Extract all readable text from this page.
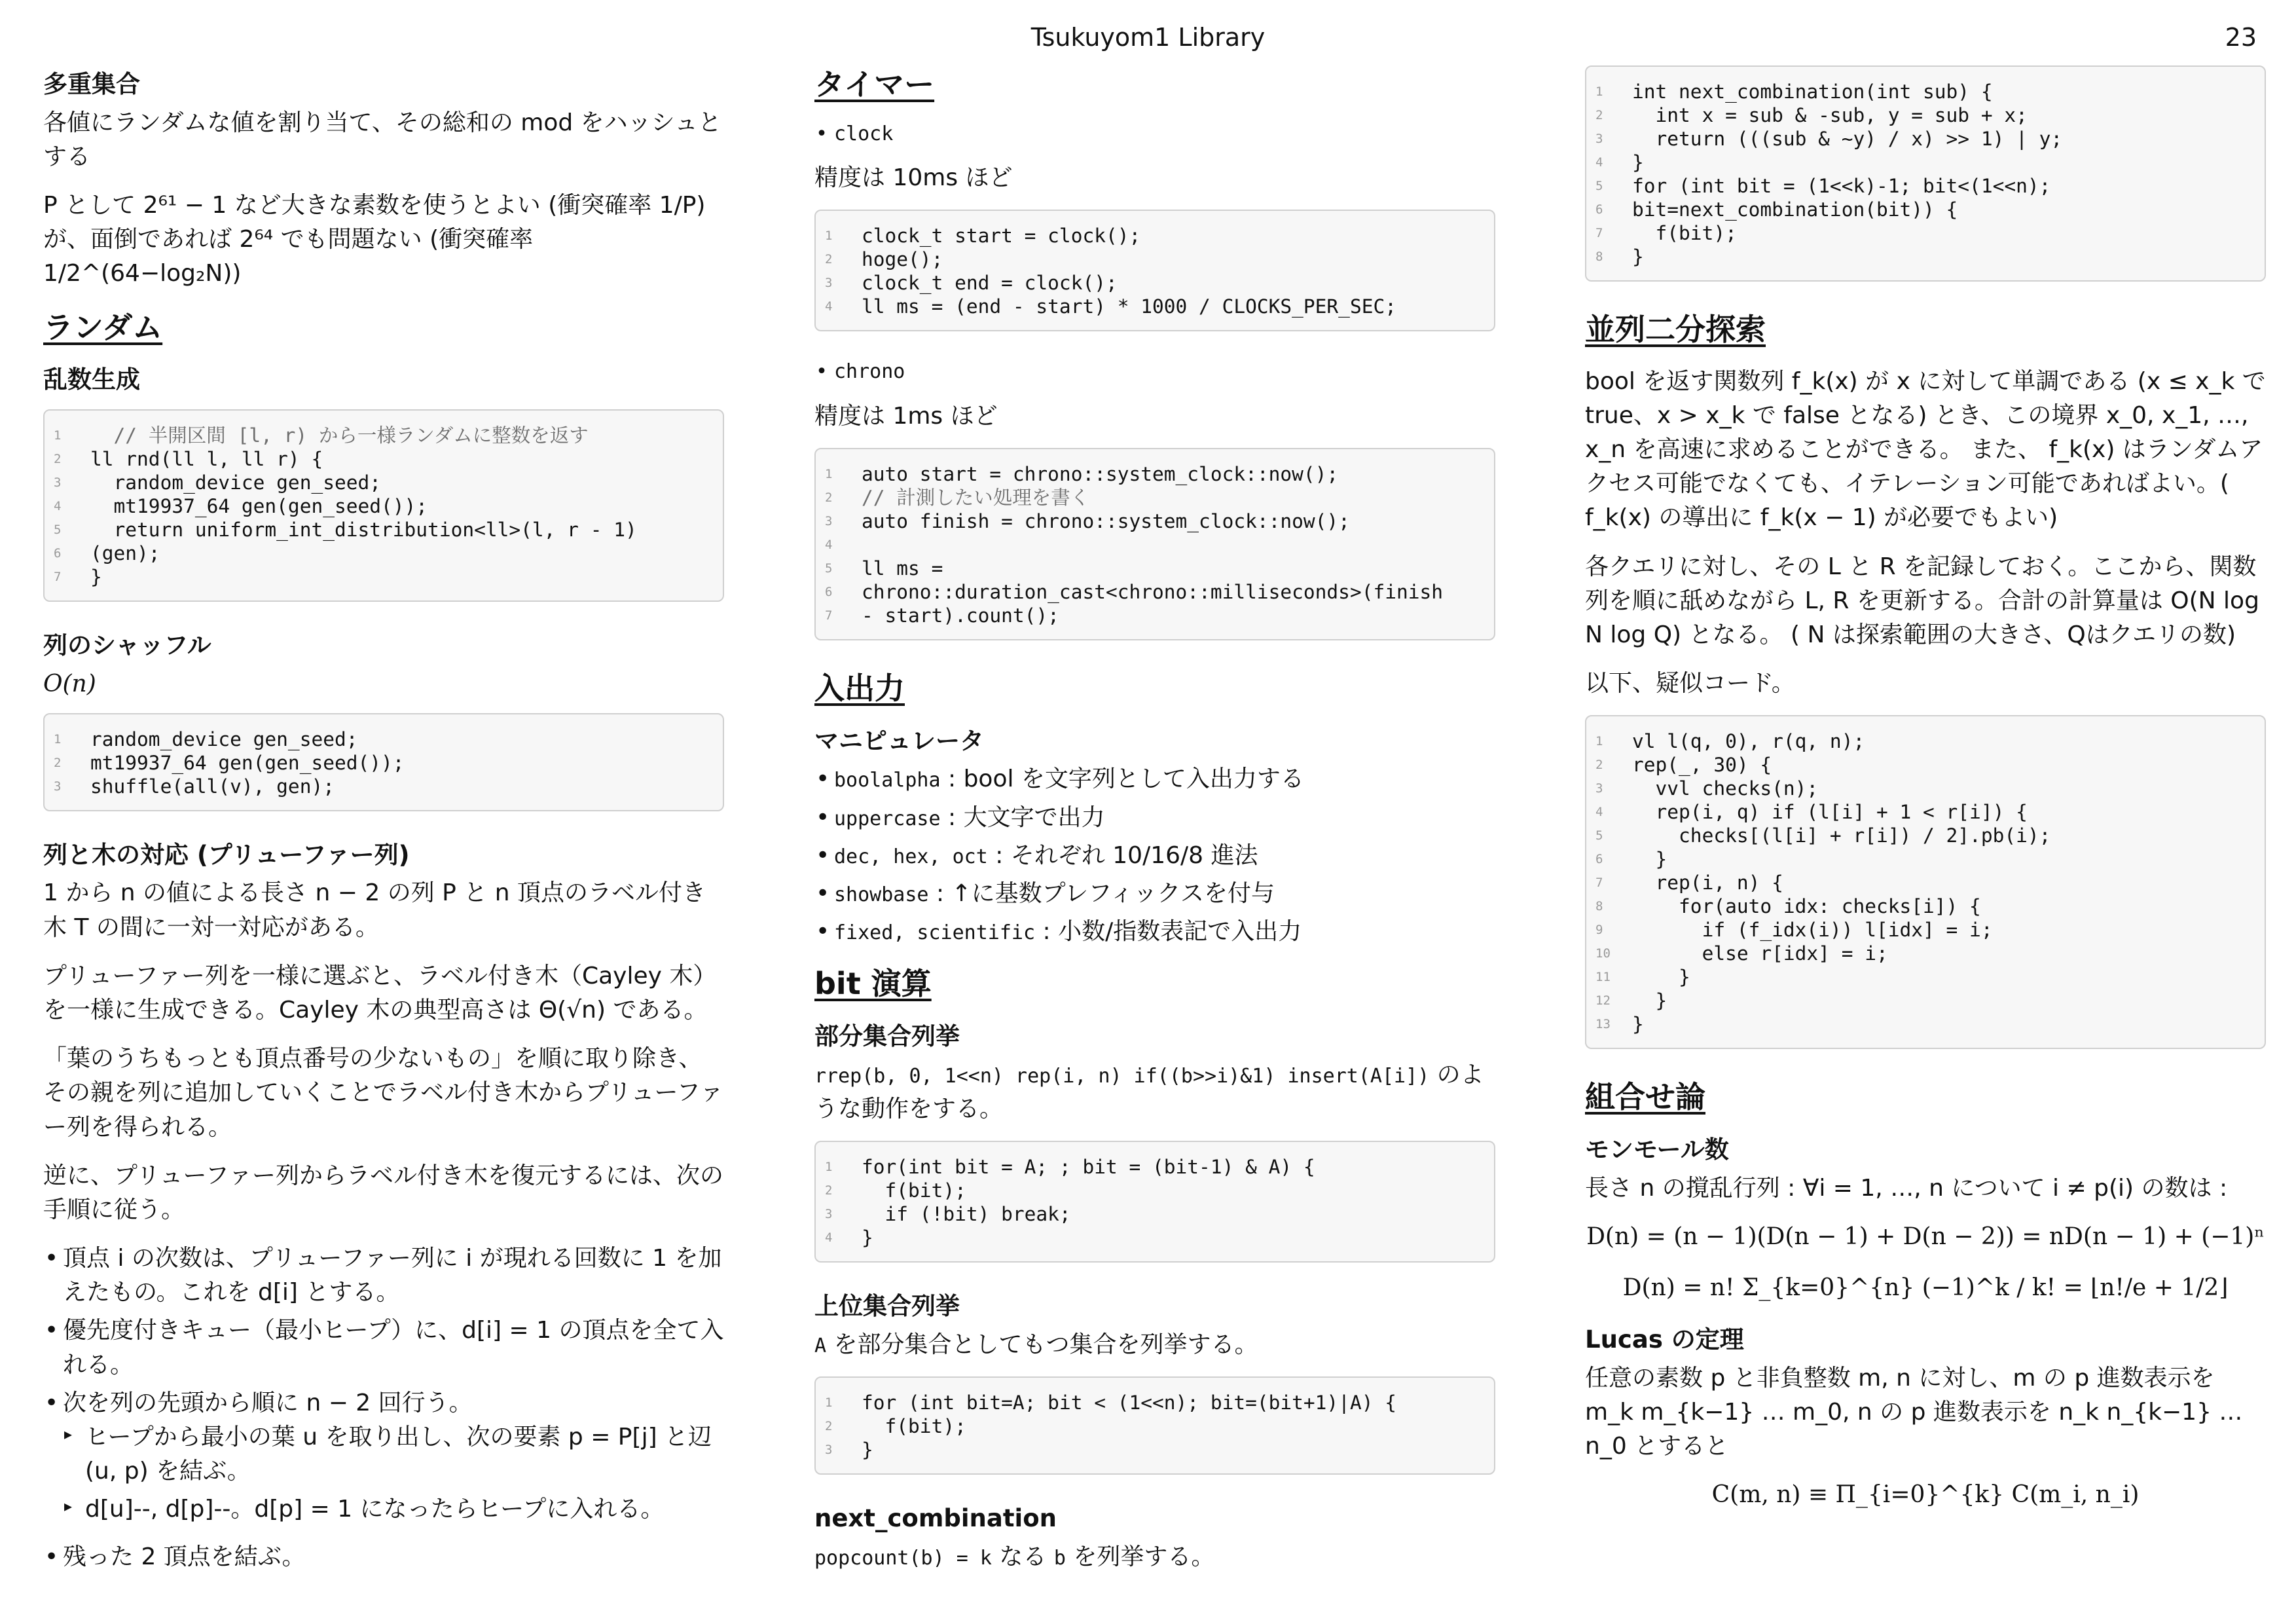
Tsukuyom1 Library	23
多重集合

各値にランダムな値を割り当て、その総和の mod をハッシュとする

P として 2⁶¹ − 1 など大きな素数を使うとよい (衝突確率 1/P) が、面倒であれば 2⁶⁴ でも問題ない (衝突確率 1/2^(64−log₂N))

ランダム
乱数生成
1  // 半開区間 [l, r) から一様ランダムに整数を返す
2 ll rnd(ll l, ll r) {
3  random_device gen_seed;
4  mt19937_64 gen(gen_seed());
5  return uniform_int_distribution<ll>(l, r - 1)
6 (gen);
7 }
列のシャッフル
O(n)
1 random_device gen_seed;
2 mt19937_64 gen(gen_seed());
3 shuffle(all(v), gen);
列と木の対応 (プリューファー列)

1 から n の値による長さ n − 2 の列 P と n 頂点のラベル付き木 T の間に一対一対応がある。

プリューファー列を一様に選ぶと、ラベル付き木（Cayley 木）を一様に生成できる。Cayley 木の典型高さは Θ(√n) である。

「葉のうちもっとも頂点番号の少ないもの」を順に取り除き、その親を列に追加していくことでラベル付き木からプリューファー列を得られる。

逆に、プリューファー列からラベル付き木を復元するには、次の手順に従う。

• 頂点 i の次数は、プリューファー列に i が現れる回数に 1 を加えたもの。これを d[i] とする。
• 優先度付きキュー（最小ヒープ）に、d[i] = 1 の頂点を全て入れる。
• 次を列の先頭から順に n − 2 回行う。
▸ ヒープから最小の葉 u を取り出し、次の要素 p = P[j] と辺 (u, p) を結ぶ。
▸ d[u]--, d[p]--。d[p] = 1 になったらヒープに入れる。
• 残った 2 頂点を結ぶ。
タイマー
• clock

精度は 10ms ほど

1 clock_t start = clock();
2 hoge();
3 clock_t end = clock();
4 ll ms = (end - start) * 1000 / CLOCKS_PER_SEC;
• chrono

精度は 1ms ほど

1 auto start = chrono::system_clock::now();
2 // 計測したい処理を書く
3 auto finish = chrono::system_clock::now();
4
5 ll ms =
6 chrono::duration_cast<chrono::milliseconds>(finish
7 - start).count();
入出力
マニピュレータ
• boolalpha : bool を文字列として入出力する
• uppercase : 大文字で出力
• dec, hex, oct : それぞれ 10/16/8 進法
• showbase : ↑に基数プレフィックスを付与
• fixed, scientific : 小数/指数表記で入出力
bit 演算
部分集合列挙

rrep(b, 0, 1<<n) rep(i, n) if((b>>i)&1) insert(A[i]) のような動作をする。

1 for(int bit = A; ; bit = (bit-1) & A) {
2  f(bit);
3  if (!bit) break;
4 }
上位集合列挙

A を部分集合としてもつ集合を列挙する。

1 for (int bit=A; bit < (1<<n); bit=(bit+1)|A) {
2  f(bit);
3 }
next_combination

popcount(b) = k なる b を列挙する。

1 int next_combination(int sub) {
2  int x = sub & -sub, y = sub + x;
3  return (((sub & ~y) / x) >> 1) | y;
4 }
5 for (int bit = (1<<k)-1; bit<(1<<n);
6 bit=next_combination(bit)) {
7  f(bit);
8 }
並列二分探索

bool を返す関数列 f_k(x) が x に対して単調である (x ≤ x_k で true、x > x_k で false となる) とき、この境界 x_0, x_1, …, x_n を高速に求めることができる。 また、 f_k(x) はランダムアクセス可能でなくても、イテレーション可能であればよい。( f_k(x) の導出に f_k(x − 1) が必要でもよい)

各クエリに対し、その L と R を記録しておく。ここから、関数列を順に舐めながら L, R を更新する。合計の計算量は O(N log N log Q) となる。 ( N は探索範囲の大きさ、Qはクエリの数)

以下、疑似コード。

1 vl l(q, 0), r(q, n);
2 rep(_, 30) {
3  vvl checks(n);
4  rep(i, q) if (l[i] + 1 < r[i]) {
5    checks[(l[i] + r[i]) / 2].pb(i);
6  }
7  rep(i, n) {
8    for(auto idx: checks[i]) {
9      if (f_idx(i)) l[idx] = i;
10      else r[idx] = i;
11    }
12  }
13 }
組合せ論
モンモール数

長さ n の撹乱行列 : ∀i = 1, …, n について i ≠ p(i) の数は :

D(n) = (n − 1)(D(n − 1) + D(n − 2)) = nD(n − 1) + (−1)ⁿ
D(n) = n! Σ_{k=0}^{n} (−1)^k / k! = ⌊n!/e + 1/2⌋
Lucas の定理

任意の素数 p と非負整数 m, n に対し、m の p 進数表示を m_k m_{k−1} … m_0, n の p 進数表示を n_k n_{k−1} … n_0 とすると

C(m, n) ≡ Π_{i=0}^{k} C(m_i, n_i)
